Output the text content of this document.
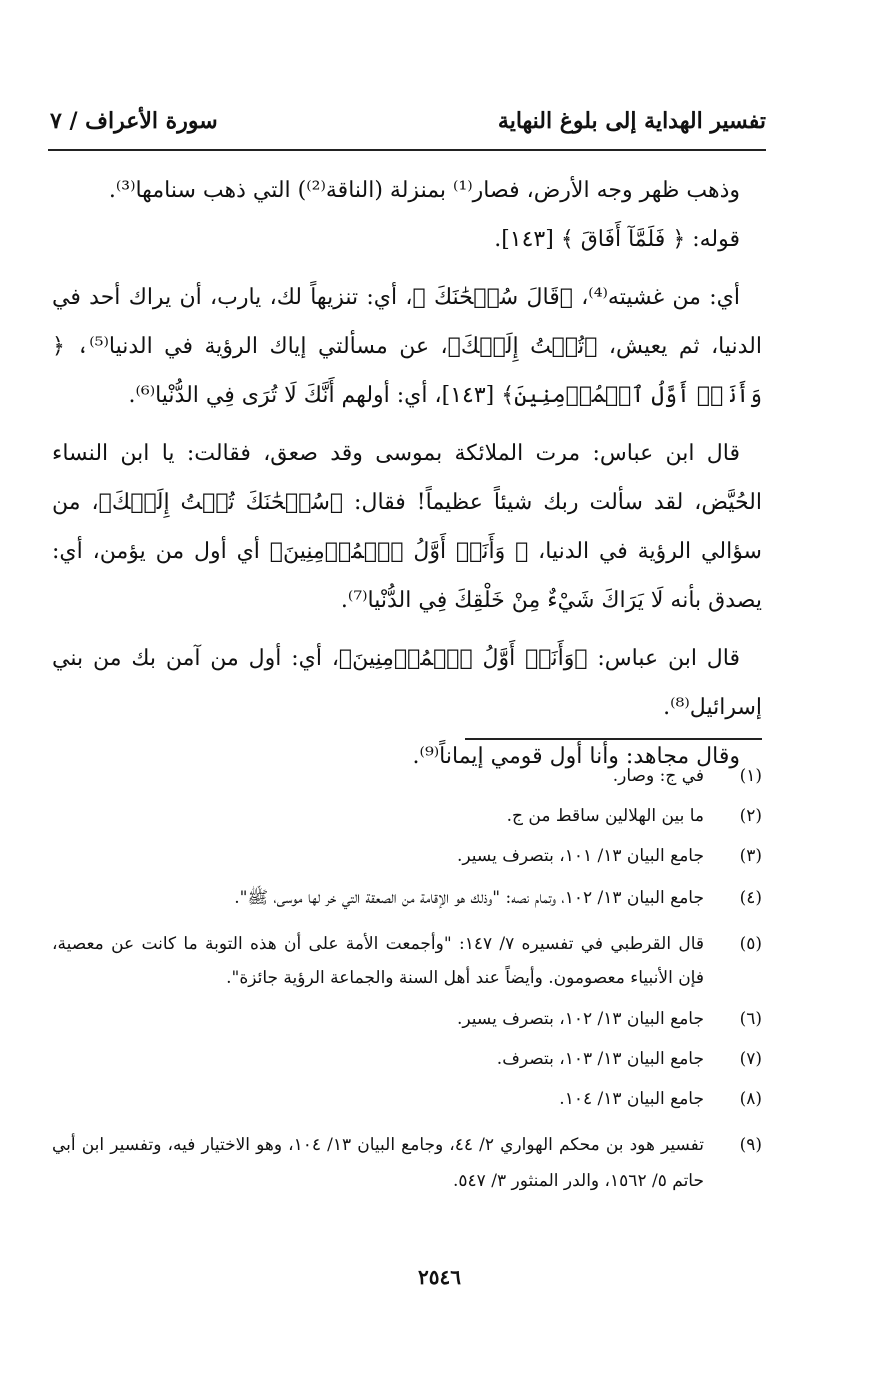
تفسير الهداية إلى بلوغ النهاية
سورة الأعراف / ٧

وذهب ظهر وجه الأرض، فصار⁽¹⁾ بمنزلة (الناقة⁽²⁾) التي ذهب سنامها⁽³⁾.

قوله: ﴿ فَلَمَّآ أَفَاقَ ﴾ [١٤٣].

أي: من غشيته⁽⁴⁾، ﴿قَالَ سُبۡحَٰنَكَ ﴾، أي: تنزيهاً لك، يارب، أن يراك أحد في الدنيا، ثم يعيش، ﴿تُبۡتُ إِلَيۡكَ﴾، عن مسألتي إياك الرؤية في الدنيا⁽⁵⁾، ﴿ وَأَنَا۠ أَوَّلُ ٱلۡمُؤۡمِنِينَ﴾ [١٤٣]، أي: أولهم أَنَّكَ لَا تُرَى فِي الدُّنْيا⁽⁶⁾.

قال ابن عباس: مرت الملائكة بموسى وقد صعق، فقالت: يا ابن النساء الحُيَّض، لقد سألت ربك شيئاً عظيماً! فقال: ﴿سُبۡحَٰنَكَ تُبۡتُ إِلَيۡكَ﴾، من سؤالي الرؤية في الدنيا، ﴿ وَأَنَا۠ أَوَّلُ ٱلۡمُؤۡمِنِينَ﴾ أي أول من يؤمن، أي: يصدق بأنه لَا يَرَاكَ شَيْءٌ مِنْ خَلْقِكَ فِي الدُّنْيا⁽⁷⁾.

قال ابن عباس: ﴿وَأَنَا۠ أَوَّلُ ٱلۡمُؤۡمِنِينَ﴾، أي: أول من آمن بك من بني إسرائيل⁽⁸⁾.

وقال مجاهد: وأنا أول قومي إيماناً⁽⁹⁾.

(١)
في ج: وصار.
(٢)
ما بين الهلالين ساقط من ج.
(٣)
جامع البيان ١٣/ ١٠١، بتصرف يسير.
(٤)
جامع البيان ١٣/ ١٠٢، وتمام نصه: "وذلك هو الإقامة من الصعقة التي خر لها موسى، ﷺ".
(٥)
قال القرطبي في تفسيره ٧/ ١٤٧: "وأجمعت الأمة على أن هذه التوبة ما كانت عن معصية، فإن الأنبياء معصومون. وأيضاً عند أهل السنة والجماعة الرؤية جائزة".
(٦)
جامع البيان ١٣/ ١٠٢، بتصرف يسير.
(٧)
جامع البيان ١٣/ ١٠٣، بتصرف.
(٨)
جامع البيان ١٣/ ١٠٤.
(٩)
تفسير هود بن محكم الهواري ٢/ ٤٤، وجامع البيان ١٣/ ١٠٤، وهو الاختيار فيه، وتفسير ابن أبي حاتم ٥/ ١٥٦٢، والدر المنثور ٣/ ٥٤٧.
٢٥٤٦
